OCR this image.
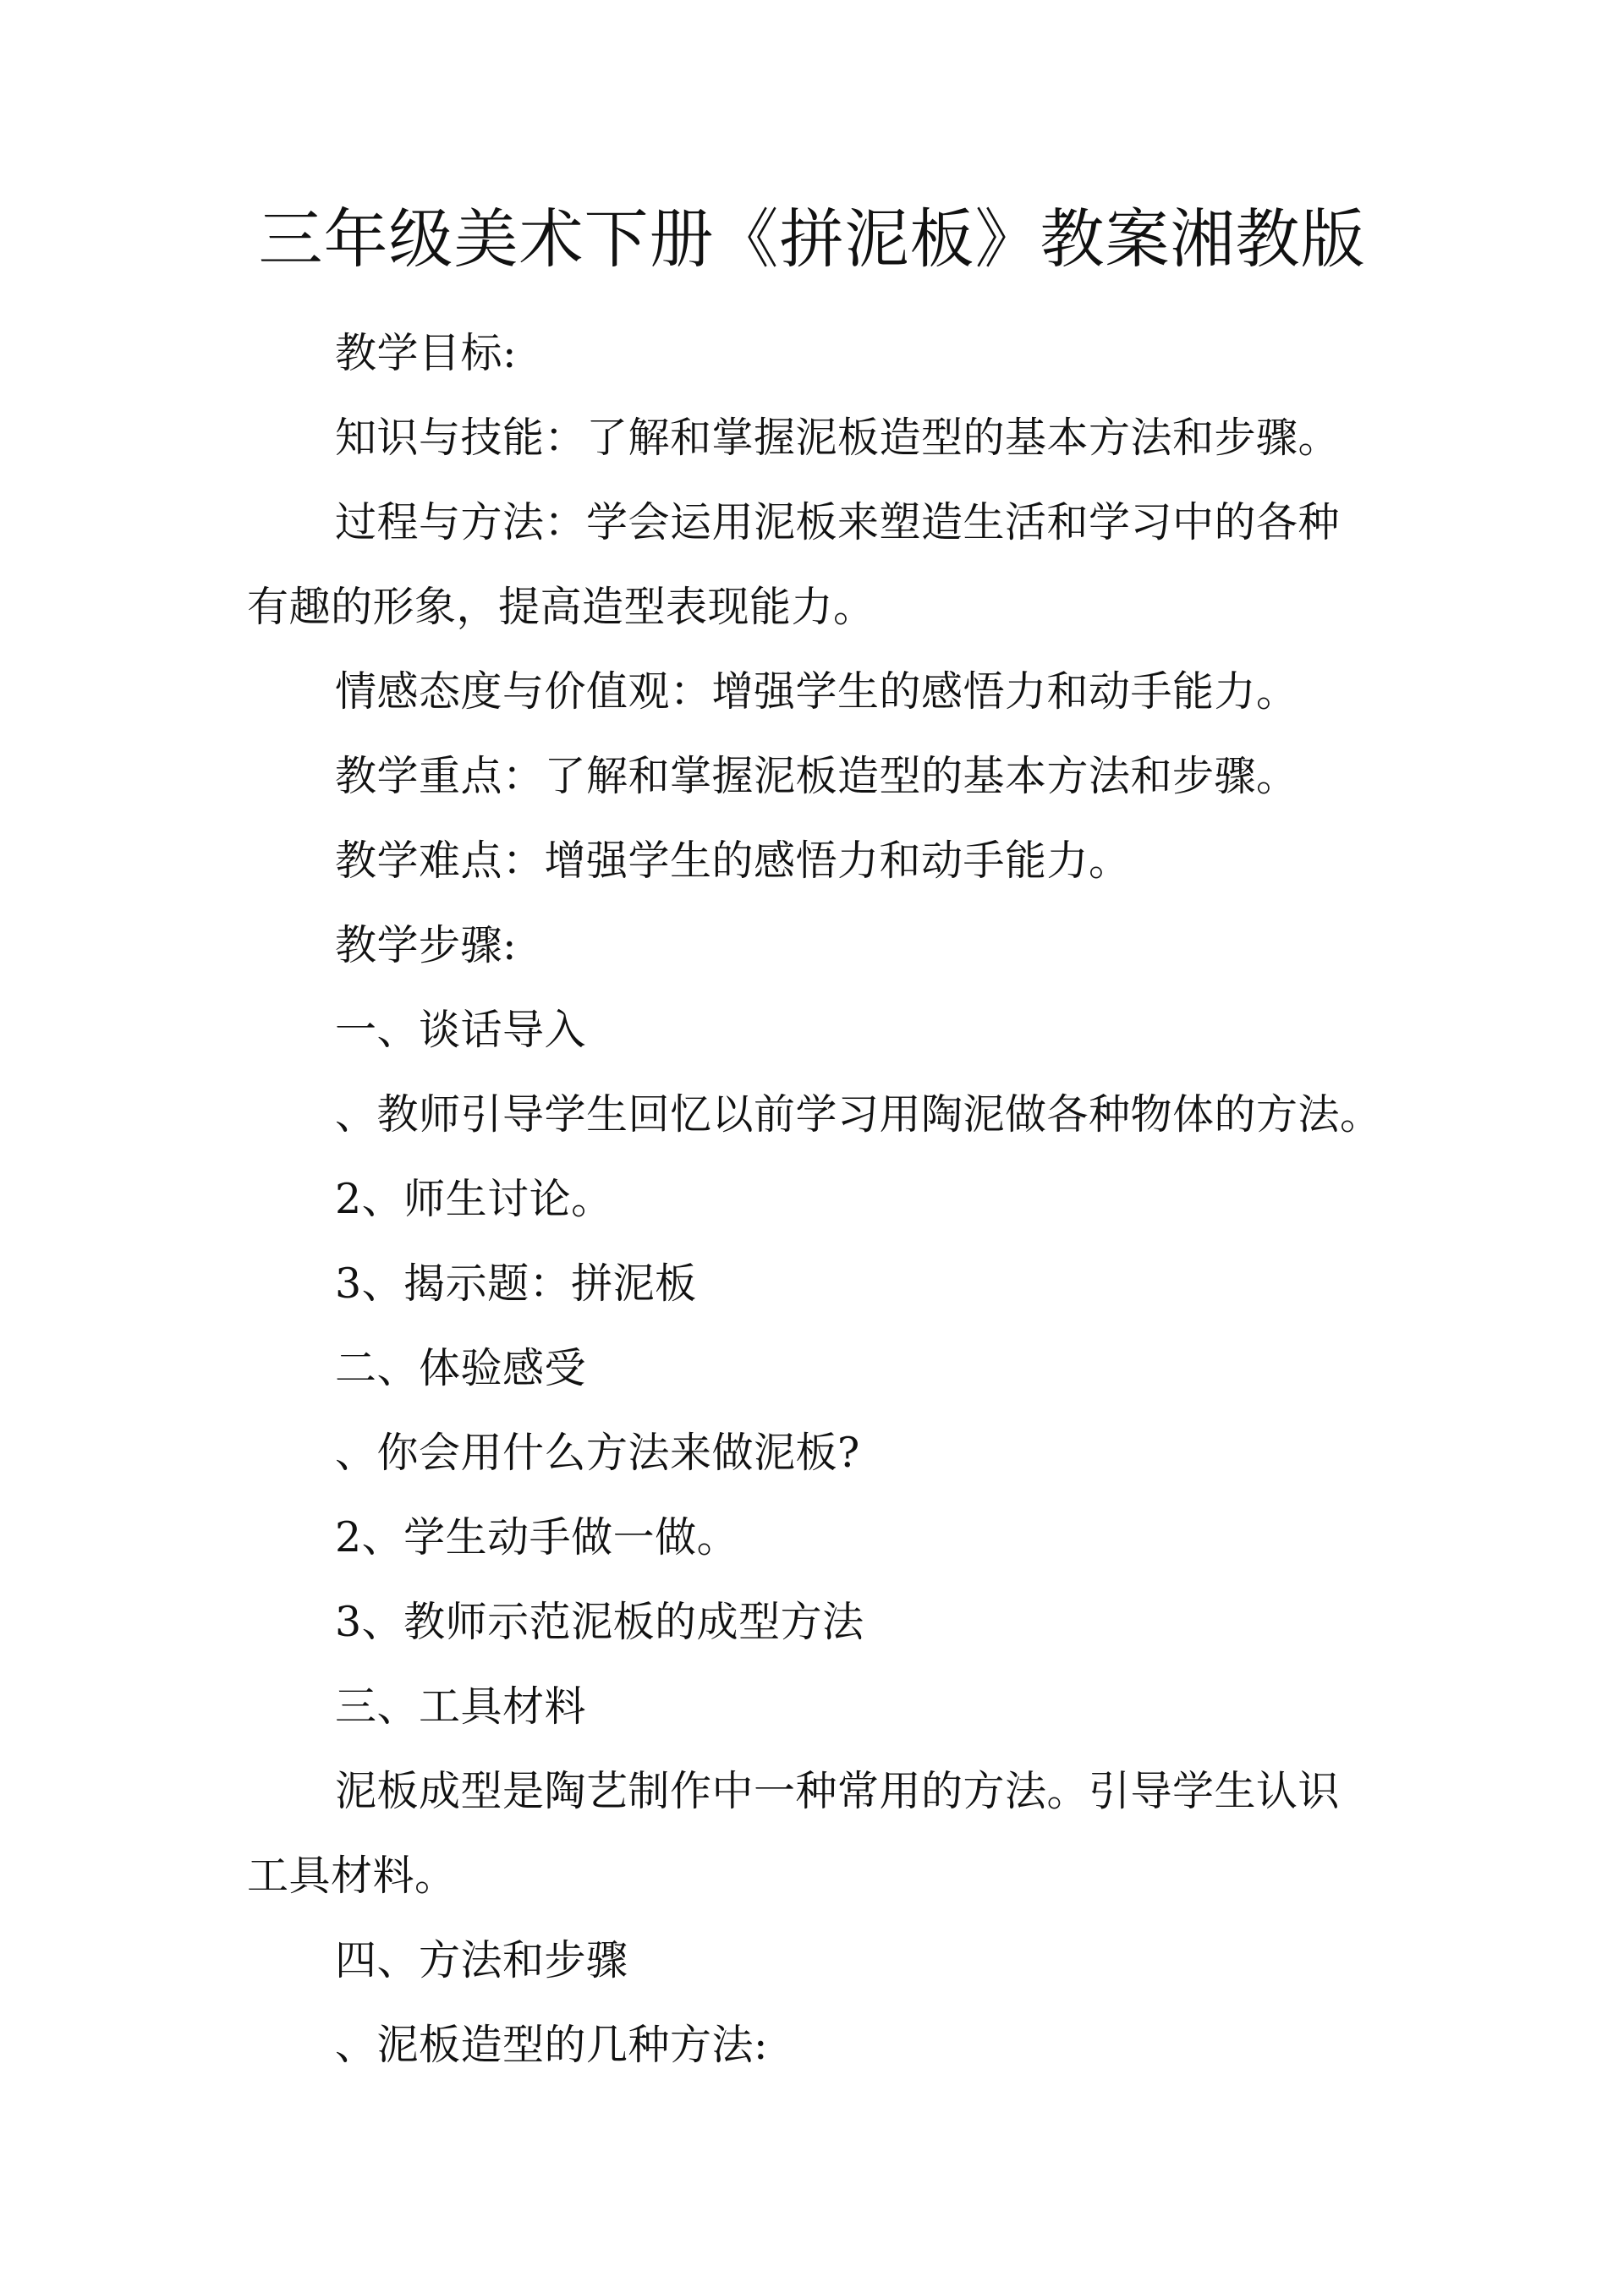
三年级美术下册《拼泥板》教案湘教版
教学目标:
知识与技能：了解和掌握泥板造型的基本方法和步骤。
过程与方法：学会运用泥板来塑造生活和学习中的各种
有趣的形象，提高造型表现能力。
情感态度与价值观：增强学生的感悟力和动手能力。
教学重点：了解和掌握泥板造型的基本方法和步骤。
教学难点：增强学生的感悟力和动手能力。
教学步骤:
一、谈话导入
、教师引导学生回忆以前学习用陶泥做各种物体的方法。
2、师生讨论。
3、揭示题：拼泥板
二、体验感受
、你会用什么方法来做泥板?
2、学生动手做一做。
3、教师示范泥板的成型方法
三、工具材料
泥板成型是陶艺制作中一种常用的方法。引导学生认识
工具材料。
四、方法和步骤
、泥板造型的几种方法:
